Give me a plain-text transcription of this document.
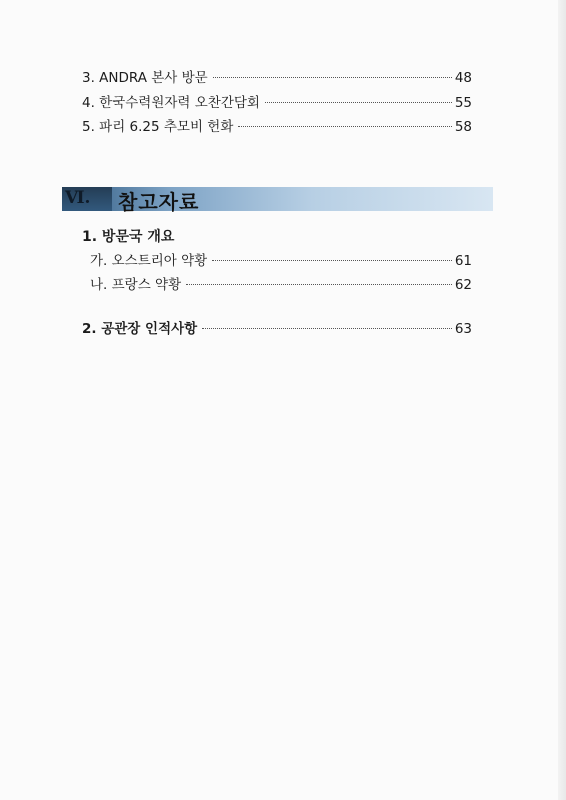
3. ANDRA 본사 방문	48
4. 한국수력원자력 오찬간담회	55
5. 파리 6.25 추모비 헌화	58
Ⅵ. 참고자료
1. 방문국 개요
가. 오스트리아 약황	61
나. 프랑스 약황	62
2. 공관장 인적사항	63
